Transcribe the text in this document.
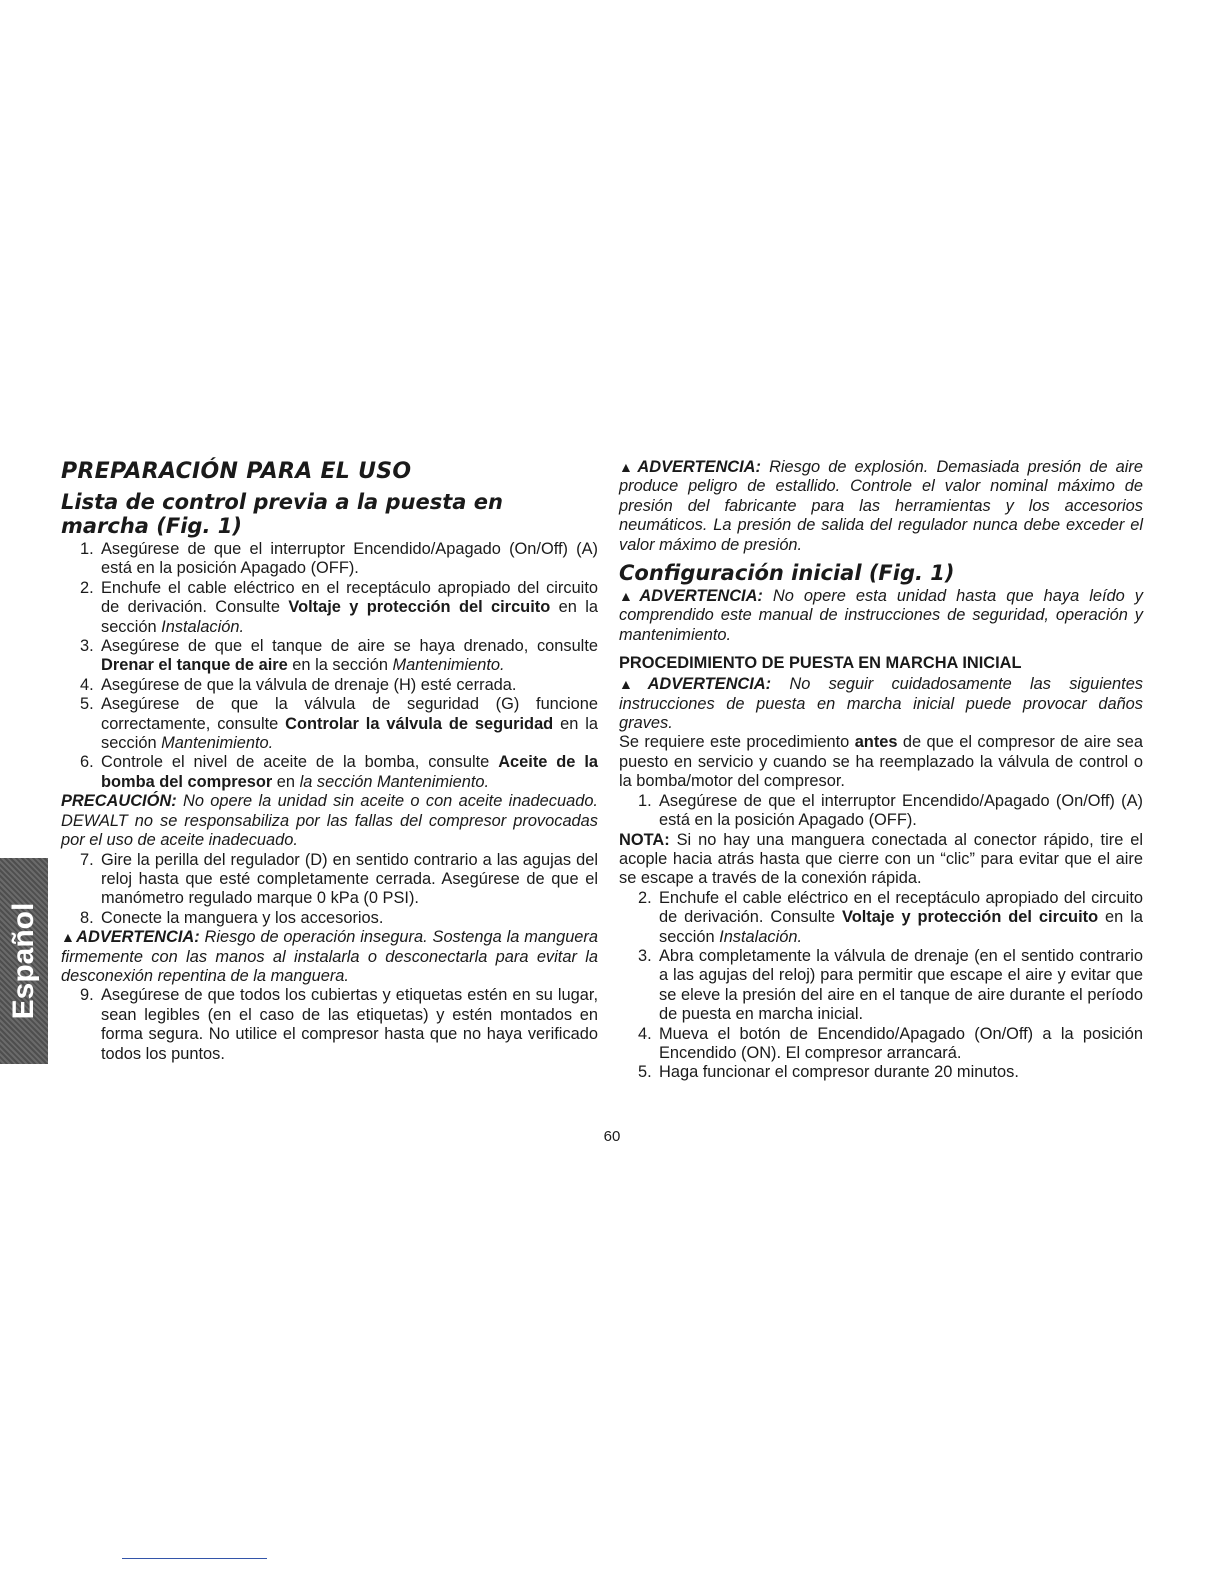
PREPARACIÓN PARA EL USO
Lista de control previa a la puesta en marcha (Fig. 1)
1. Asegúrese de que el interruptor Encendido/Apagado (On/Off) (A) está en la posición Apagado (OFF).
2. Enchufe el cable eléctrico en el receptáculo apropiado del circuito de derivación. Consulte Voltaje y protección del circuito en la sección Instalación.
3. Asegúrese de que el tanque de aire se haya drenado, consulte Drenar el tanque de aire en la sección Mantenimiento.
4. Asegúrese de que la válvula de drenaje (H) esté cerrada.
5. Asegúrese de que la válvula de seguridad (G) funcione correctamente, consulte Controlar la válvula de seguridad en la sección Mantenimiento.
6. Controle el nivel de aceite de la bomba, consulte Aceite de la bomba del compresor en la sección Mantenimiento.

PRECAUCIÓN: No opere la unidad sin aceite o con aceite inadecuado. DEWALT no se responsabiliza por las fallas del compresor provocadas por el uso de aceite inadecuado.

7. Gire la perilla del regulador (D) en sentido contrario a las agujas del reloj hasta que esté completamente cerrada. Asegúrese de que el manómetro regulado marque 0 kPa (0 PSI).
8. Conecte la manguera y los accesorios.

▲ADVERTENCIA: Riesgo de operación insegura. Sostenga la manguera firmemente con las manos al instalarla o desconectarla para evitar la desconexión repentina de la manguera.

9. Asegúrese de que todos los cubiertas y etiquetas estén en su lugar, sean legibles (en el caso de las etiquetas) y estén montados en forma segura. No utilice el compresor hasta que no haya verificado todos los puntos.

▲ADVERTENCIA: Riesgo de explosión. Demasiada presión de aire produce peligro de estallido. Controle el valor nominal máximo de presión del fabricante para las herramientas y los accesorios neumáticos. La presión de salida del regulador nunca debe exceder el valor máximo de presión.

Configuración inicial (Fig. 1)

▲ADVERTENCIA: No opere esta unidad hasta que haya leído y comprendido este manual de instrucciones de seguridad, operación y mantenimiento.

PROCEDIMIENTO DE PUESTA EN MARCHA INICIAL

▲ADVERTENCIA: No seguir cuidadosamente las siguientes instrucciones de puesta en marcha inicial puede provocar daños graves.

Se requiere este procedimiento antes de que el compresor de aire sea puesto en servicio y cuando se ha reemplazado la válvula de control o la bomba/motor del compresor.

1. Asegúrese de que el interruptor Encendido/Apagado (On/Off) (A) está en la posición Apagado (OFF).

NOTA: Si no hay una manguera conectada al conector rápido, tire el acople hacia atrás hasta que cierre con un “clic” para evitar que el aire se escape a través de la conexión rápida.

2. Enchufe el cable eléctrico en el receptáculo apropiado del circuito de derivación. Consulte Voltaje y protección del circuito en la sección Instalación.
3. Abra completamente la válvula de drenaje (en el sentido contrario a las agujas del reloj) para permitir que escape el aire y evitar que se eleve la presión del aire en el tanque de aire durante el período de puesta en marcha inicial.
4. Mueva el botón de Encendido/Apagado (On/Off) a la posición Encendido (ON). El compresor arrancará.
5. Haga funcionar el compresor durante 20 minutos.
Español
60
